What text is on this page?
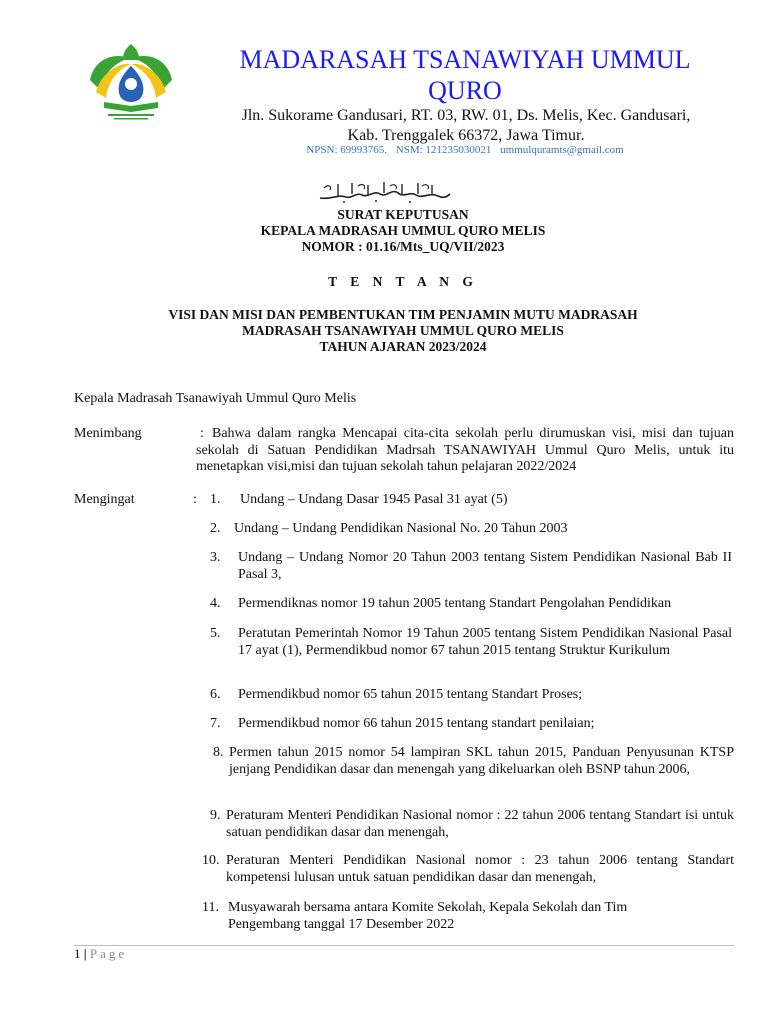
MADARASAH TSANAWIYAH UMMUL QURO
Jln. Sukorame Gandusari, RT. 03, RW. 01, Ds. Melis, Kec. Gandusari,
Kab. Trenggalek 66372, Jawa Timur.
NPSN: 69993765. NSM: 121235030021 ummulquramts@gmail.com
SURAT KEPUTUSAN
KEPALA MADRASAH UMMUL QURO MELIS
NOMOR : 01.16/Mts_UQ/VII/2023
T E N T A N G
VISI DAN MISI DAN PEMBENTUKAN TIM PENJAMIN MUTU MADRASAH
MADRASAH TSANAWIYAH UMMUL QURO MELIS
TAHUN AJARAN 2023/2024
Kepala Madrasah Tsanawiyah Ummul Quro Melis
Menimbang	: Bahwa dalam rangka Mencapai cita-cita sekolah perlu dirumuskan visi, misi dan tujuan sekolah di Satuan Pendidikan Madrsah TSANAWIYAH Ummul Quro Melis, untuk itu menetapkan visi,misi dan tujuan sekolah tahun pelajaran 2022/2024
Mengingat	: 1. Undang – Undang Dasar 1945 Pasal 31 ayat (5)
2. Undang – Undang Pendidikan Nasional No. 20 Tahun 2003
3. Undang – Undang Nomor 20 Tahun 2003 tentang Sistem Pendidikan Nasional Bab II Pasal 3,
4. Permendiknas nomor 19 tahun 2005 tentang Standart Pengolahan Pendidikan
5. Peratutan Pemerintah Nomor 19 Tahun 2005 tentang Sistem Pendidikan Nasional Pasal 17 ayat (1), Permendikbud nomor 67 tahun 2015 tentang Struktur Kurikulum
6. Permendikbud nomor 65 tahun 2015 tentang Standart Proses;
7. Permendikbud nomor 66 tahun 2015 tentang standart penilaian;
8. Permen tahun 2015 nomor 54 lampiran SKL tahun 2015, Panduan Penyusunan KTSP jenjang Pendidikan dasar dan menengah yang dikeluarkan oleh BSNP tahun 2006,
9. Peraturam Menteri Pendidikan Nasional nomor : 22 tahun 2006 tentang Standart isi untuk satuan pendidikan dasar dan menengah,
10. Peraturan Menteri Pendidikan Nasional nomor : 23 tahun 2006 tentang Standart kompetensi lulusan untuk satuan pendidikan dasar dan menengah,
11. Musyawarah bersama antara Komite Sekolah, Kepala Sekolah dan Tim Pengembang tanggal 17 Desember 2022
1 | Page
